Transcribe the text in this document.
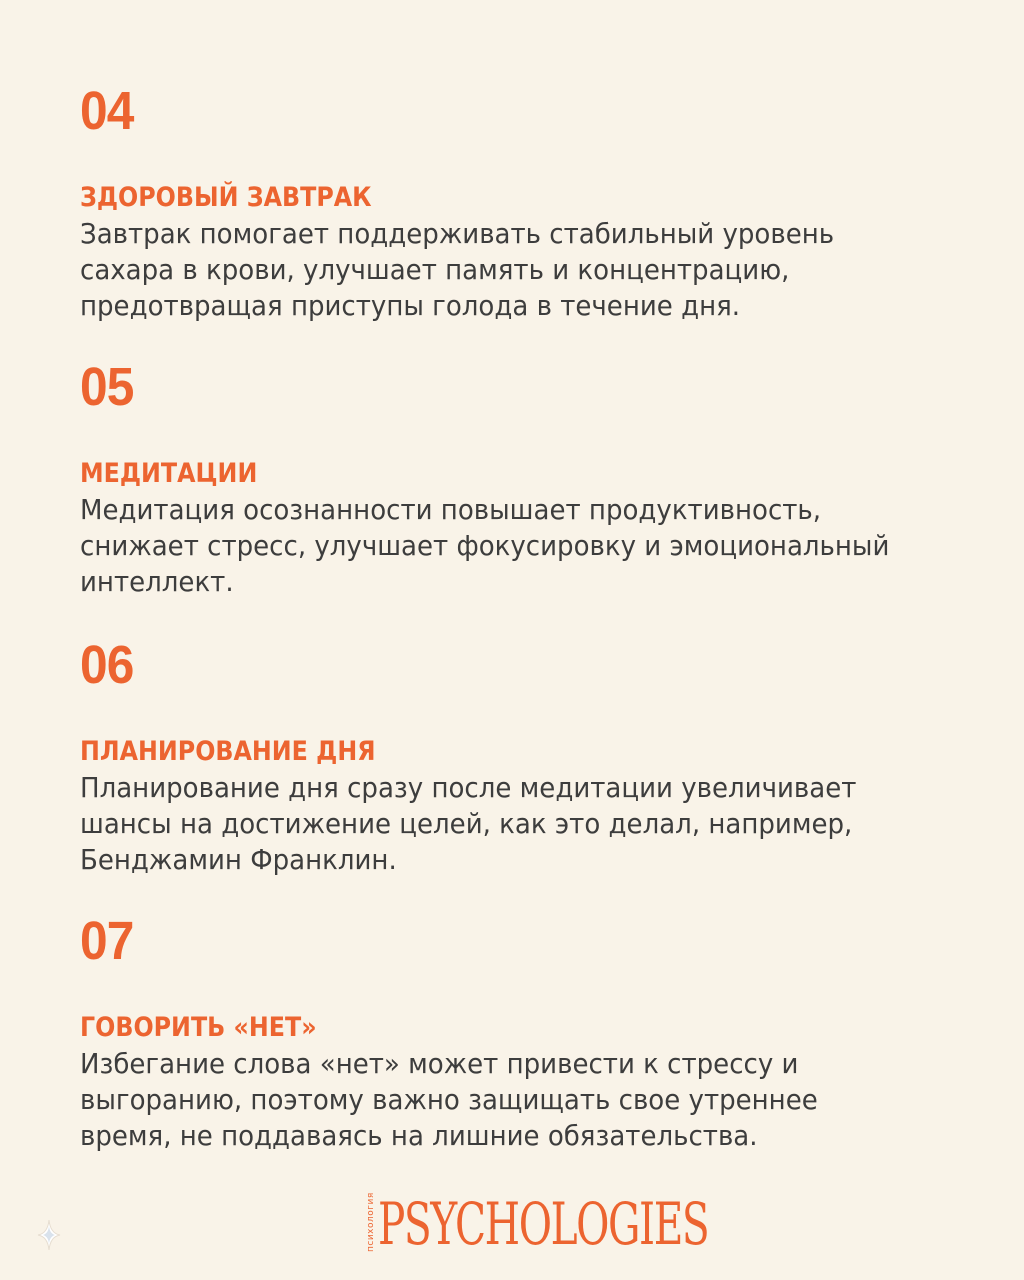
04
ЗДОРОВЫЙ ЗАВТРАК
Завтрак помогает поддерживать стабильный уровень
сахара в крови, улучшает память и концентрацию,
предотвращая приступы голода в течение дня.
05
МЕДИТАЦИИ
Медитация осознанности повышает продуктивность,
снижает стресс, улучшает фокусировку и эмоциональный
интеллект.
06
ПЛАНИРОВАНИЕ ДНЯ
Планирование дня сразу после медитации увеличивает
шансы на достижение целей, как это делал, например,
Бенджамин Франклин.
07
ГОВОРИТЬ «НЕТ»
Избегание слова «нет» может привести к стрессу и
выгоранию, поэтому важно защищать свое утреннее
время, не поддаваясь на лишние обязательства.
психология PSYCHOLOGIES
